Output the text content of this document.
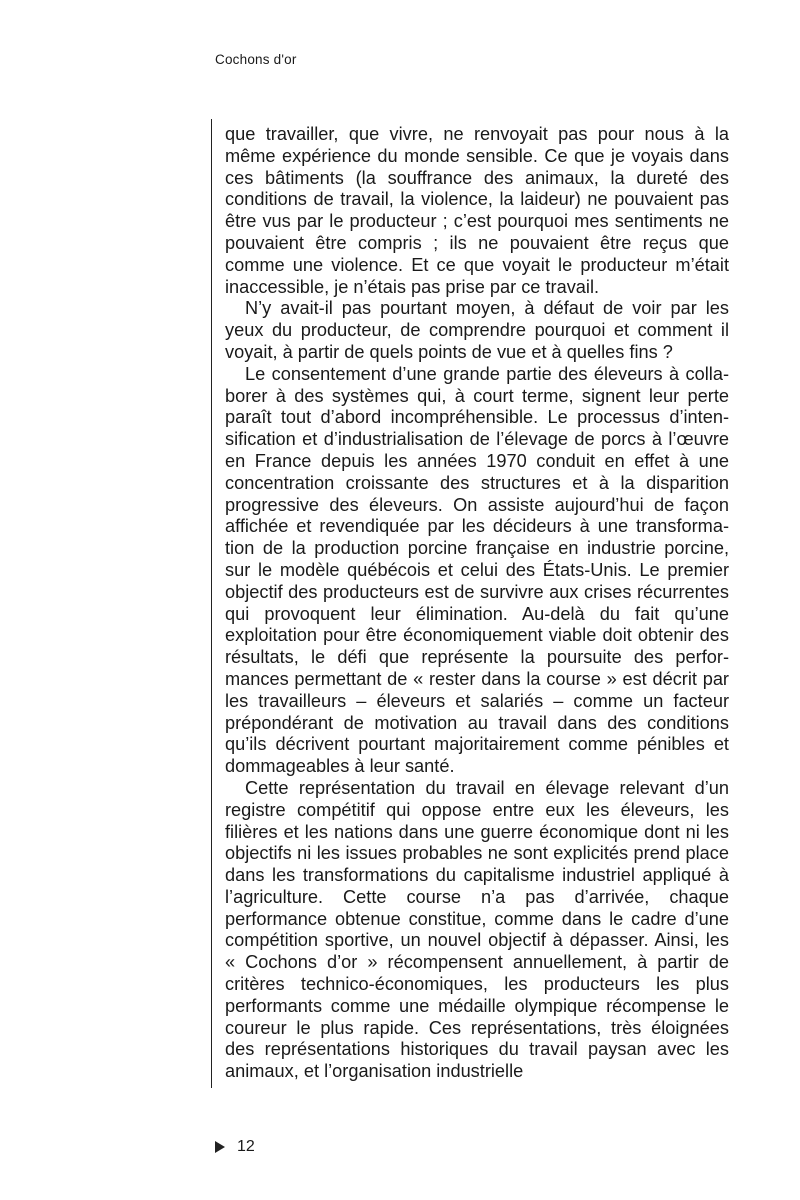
Cochons d'or

que travailler, que vivre, ne renvoyait pas pour nous à la même expérience du monde sensible. Ce que je voyais dans ces bâtiments (la souffrance des animaux, la dureté des conditions de travail, la violence, la laideur) ne pouvaient pas être vus par le producteur ; c’est pourquoi mes sentiments ne pouvaient être compris ; ils ne pouvaient être reçus que comme une violence. Et ce que voyait le producteur m’était inaccessible, je n’étais pas prise par ce travail.

N’y avait-il pas pourtant moyen, à défaut de voir par les yeux du producteur, de comprendre pourquoi et comment il voyait, à partir de quels points de vue et à quelles fins ?

Le consentement d’une grande partie des éleveurs à collaborer à des systèmes qui, à court terme, signent leur perte paraît tout d’abord incompréhensible. Le processus d’intensification et d’industrialisation de l’élevage de porcs à l’œuvre en France depuis les années 1970 conduit en effet à une concentration croissante des structures et à la disparition progressive des éleveurs. On assiste aujourd’hui de façon affichée et revendiquée par les décideurs à une transformation de la production porcine française en industrie porcine, sur le modèle québécois et celui des États-Unis. Le premier objectif des producteurs est de survivre aux crises récurrentes qui provoquent leur élimination. Au-delà du fait qu’une exploitation pour être économiquement viable doit obtenir des résultats, le défi que représente la poursuite des performances permettant de « rester dans la course » est décrit par les travailleurs – éleveurs et salariés – comme un facteur prépondérant de motivation au travail dans des conditions qu’ils décrivent pourtant majoritairement comme pénibles et dommageables à leur santé.

Cette représentation du travail en élevage relevant d’un registre compétitif qui oppose entre eux les éleveurs, les filières et les nations dans une guerre économique dont ni les objectifs ni les issues probables ne sont explicités prend place dans les transformations du capitalisme industriel appliqué à l’agriculture. Cette course n’a pas d’arrivée, chaque performance obtenue constitue, comme dans le cadre d’une compétition sportive, un nouvel objectif à dépasser. Ainsi, les « Cochons d’or » récompensent annuellement, à partir de critères technico-économiques, les producteurs les plus performants comme une médaille olympique récompense le coureur le plus rapide. Ces représentations, très éloignées des représentations historiques du travail paysan avec les animaux, et l’organisation industrielle

12
